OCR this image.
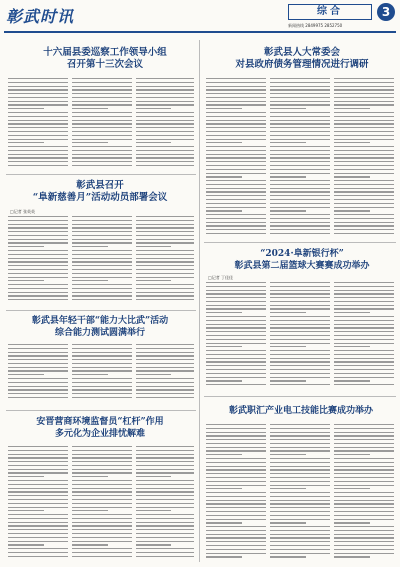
彰武时讯	综合	3
新闻热线 2849975 2852750
十六届县委巡察工作领导小组
召开第十三次会议
彰武县召开
“阜新慈善月”活动动员部署会议
□记者 张英英
彰武县年轻干部“能力大比武”活动
综合能力测试圆满举行
安晋营商环境监督员“杠杆”作用
多元化为企业排忧解难
彰武县人大常委会
对县政府债务管理情况进行调研
“2024·阜新银行杯”
彰武县第二届篮球大赛赛成功举办
□记者 丁佳佳
彰武职汇产业电工技能比赛成功举办
